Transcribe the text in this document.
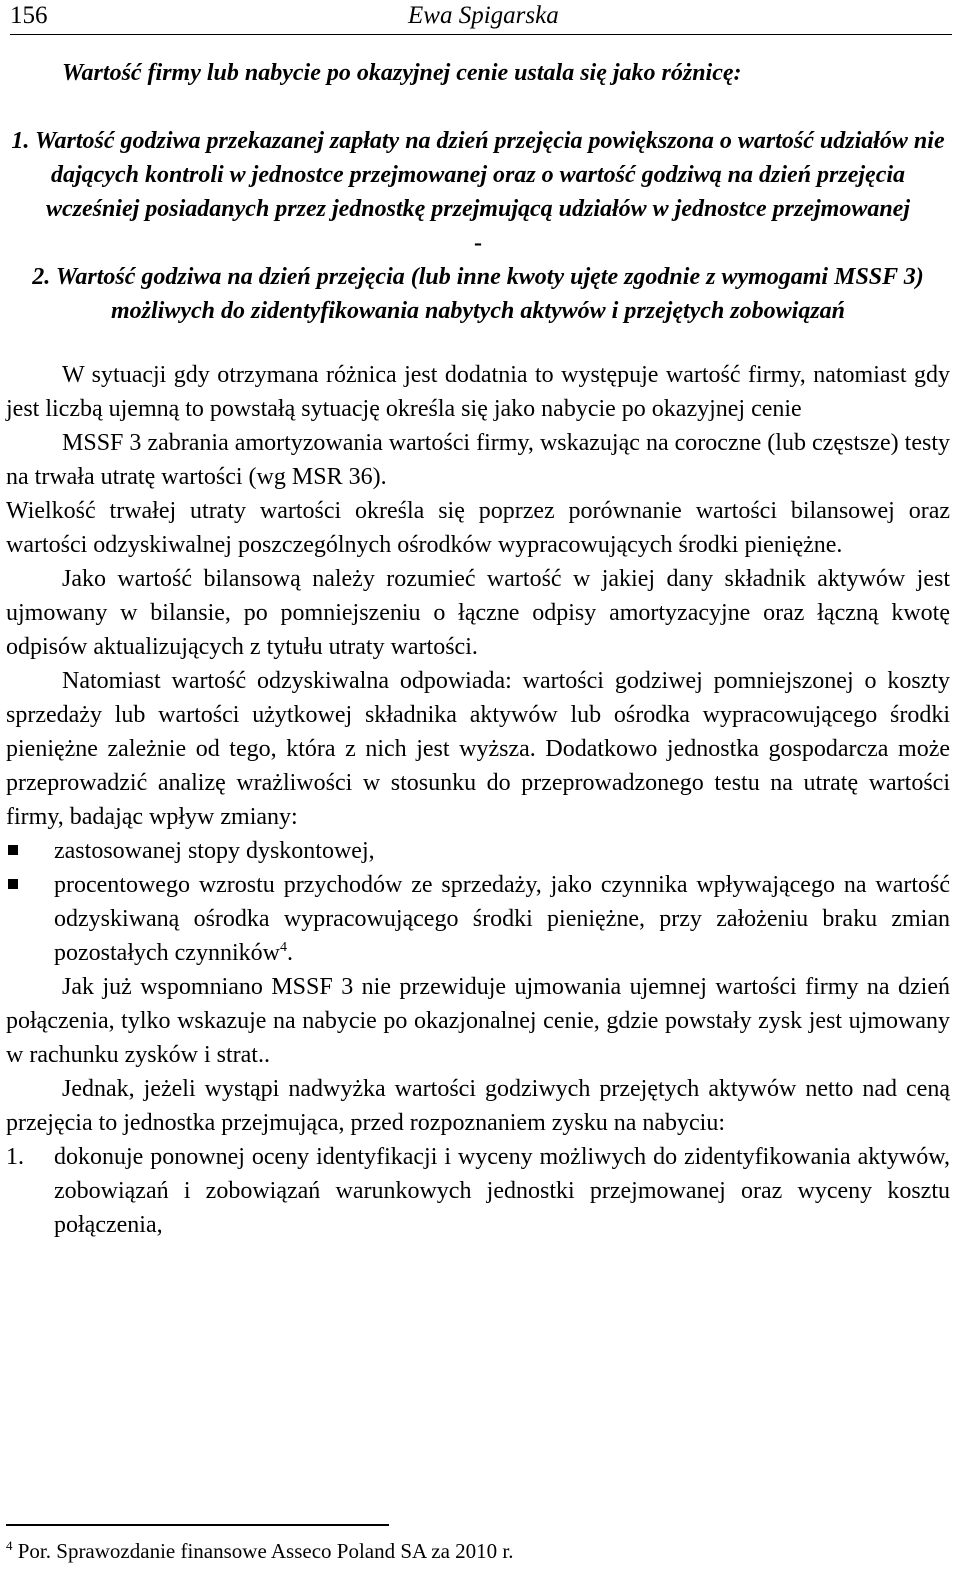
156	Ewa Spigarska

Wartość firmy lub nabycie po okazyjnej cenie ustala się jako różnicę:

1. Wartość godziwa przekazanej zapłaty na dzień przejęcia powiększona o wartość udziałów nie dających kontroli w jednostce przejmowanej oraz o wartość godziwą na dzień przejęcia wcześniej posiadanych przez jednostkę przejmującą udziałów w jednostce przejmowanej

-

2. Wartość godziwa na dzień przejęcia (lub inne kwoty ujęte zgodnie z wymogami MSSF 3) możliwych do zidentyfikowania nabytych aktywów i przejętych zobowiązań

W sytuacji gdy otrzymana różnica jest dodatnia to występuje wartość firmy, natomiast gdy jest liczbą ujemną to powstałą sytuację określa się jako nabycie po okazyjnej cenie

MSSF 3 zabrania amortyzowania wartości firmy, wskazując na coroczne (lub częstsze) testy na trwała utratę wartości (wg MSR 36).

Wielkość trwałej utraty wartości określa się poprzez porównanie wartości bilansowej oraz wartości odzyskiwalnej poszczególnych ośrodków wypracowujących środki pieniężne.

Jako wartość bilansową należy rozumieć wartość w jakiej dany składnik aktywów jest ujmowany w bilansie, po pomniejszeniu o łączne odpisy amortyzacyjne oraz łączną kwotę odpisów aktualizujących z tytułu utraty wartości.

Natomiast wartość odzyskiwalna odpowiada: wartości godziwej pomniejszonej o koszty sprzedaży lub wartości użytkowej składnika aktywów lub ośrodka wypracowującego środki pieniężne zależnie od tego, która z nich jest wyższa. Dodatkowo jednostka gospodarcza może przeprowadzić analizę wrażliwości w stosunku do przeprowadzonego testu na utratę wartości firmy, badając wpływ zmiany:

zastosowanej stopy dyskontowej,
procentowego wzrostu przychodów ze sprzedaży, jako czynnika wpływającego na wartość odzyskiwaną ośrodka wypracowującego środki pieniężne, przy założeniu braku zmian pozostałych czynników$^4$.

Jak już wspomniano MSSF 3 nie przewiduje ujmowania ujemnej wartości firmy na dzień połączenia, tylko wskazuje na nabycie po okazjonalnej cenie, gdzie powstały zysk jest ujmowany w rachunku zysków i strat..

Jednak, jeżeli wystąpi nadwyżka wartości godziwych przejętych aktywów netto nad ceną przejęcia to jednostka przejmująca, przed rozpoznaniem zysku na nabyciu:

1. dokonuje ponownej oceny identyfikacji i wyceny możliwych do zidentyfikowania aktywów, zobowiązań i zobowiązań warunkowych jednostki przejmowanej oraz wyceny kosztu połączenia,
$^4$ Por. Sprawozdanie finansowe Asseco Poland SA za 2010 r.
